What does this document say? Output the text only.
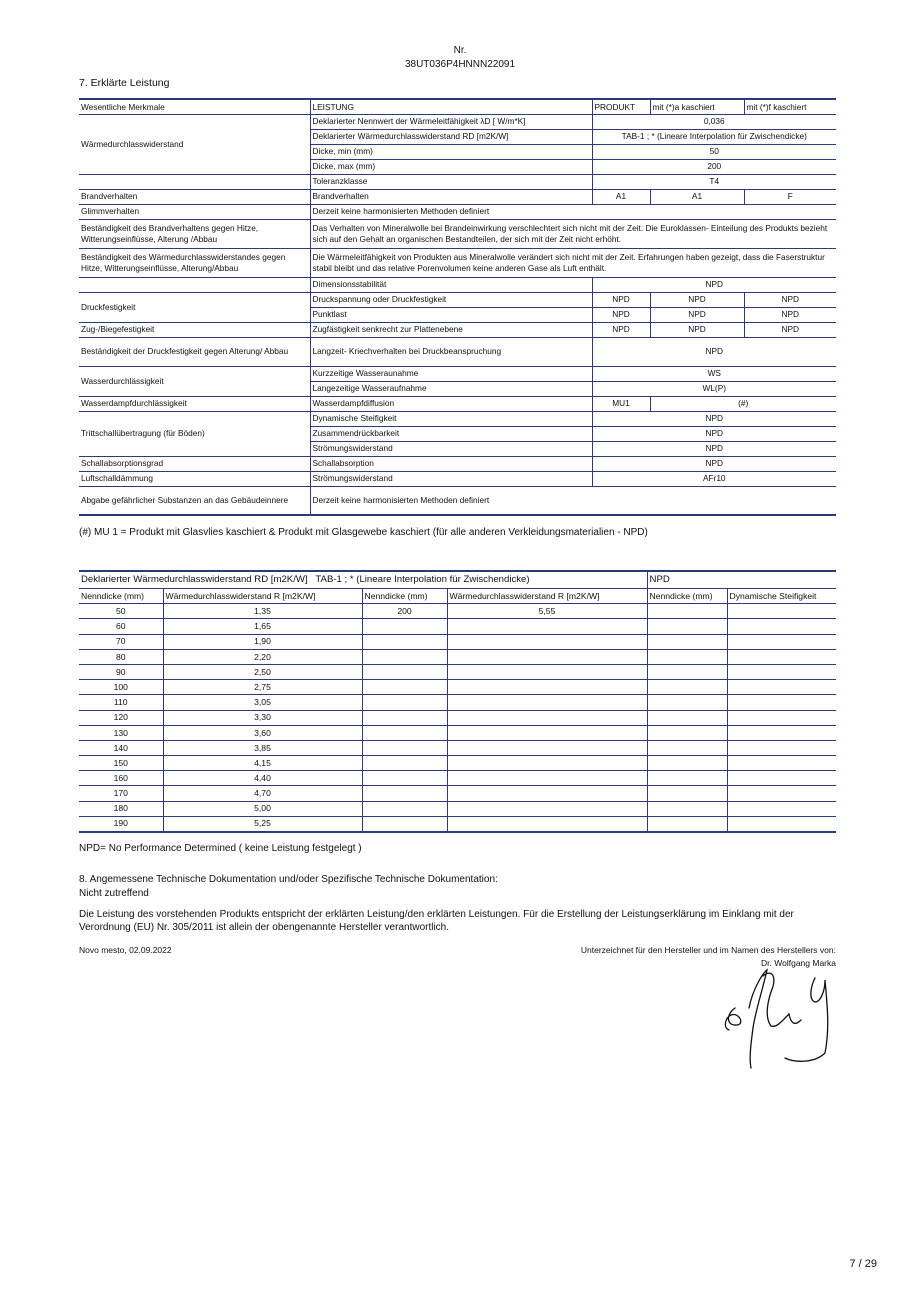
Nr.
38UT036P4HNNN22091
7. Erklärte Leistung
Wesentliche Merkmale	LEISTUNG	PRODUKT	mit (*)a kaschiert	mit (*)f kaschiert
Wärmedurchlasswiderstand	Deklarierter Nennwert der Wärmeleitfähigkeit λD [ W/m*K]	0,036		
	Deklarierter Wärmedurchlasswiderstand RD [m2K/W]	TAB-1 ; * (Lineare Interpolation für Zwischendicke)		
	Dicke, min (mm)	50		
	Dicke, max (mm)	200		
	Toleranzklasse	T4		
Brandverhalten	Brandverhalten	A1	A1	F
Glimmverhalten	Derzeit keine harmonisierten Methoden definiert			
Beständigkeit des Brandverhaltens gegen Hitze, Witterungseinflüsse, Alterung /Abbau	Das Verhalten von Mineralwolle bei Brandeinwirkung verschlechtert sich nicht mit der Zeit. Die Euroklassen- Einteilung des Produkts bezieht sich auf den Gehalt an organischen Bestandteilen, der sich mit der Zeit nicht erhöht.			
Beständigkeit des Wärmedurchlasswiderstandes gegen Hitze, Witterungseinflüsse, Alterung/Abbau	Die Wärmeleitfähigkeit von Produkten aus Mineralwolle verändert sich nicht mit der Zeit. Erfahrungen haben gezeigt, dass die Faserstruktur stabil bleibt und das relative Porenvolumen keine anderen Gase als Luft enthält.			
	Dimensionsstabilität	NPD		
Druckfestigkeit	Druckspannung oder Druckfestigkeit	NPD	NPD	NPD
	Punktlast	NPD	NPD	NPD
Zug-/Biegefestigkeit	Zugfästigkeit senkrecht zur Plattenebene	NPD	NPD	NPD
Beständigkeit der Druckfestigkeit gegen Alterung/ Abbau	Langzeit- Kriechverhalten bei Druckbeanspruchung	NPD		
Wasserdurchlässigkeit	Kurzzeitige Wasseraunahme	WS		
	Langezeitige Wasseraufnahme	WL(P)		
Wasserdampfdurchlässigkeit	Wasserdampfdiffusion	MU1	(#)	
Trittschallübertragung (für Böden)	Dynamische Steifigkeit	NPD		
	Zusammendrückbarkeit	NPD		
	Strömungswiderstand	NPD		
Schallabsorptionsgrad	Schallabsorption	NPD		
Luftschalldämmung	Strömungswiderstand	AFr10		
Abgabe gefährlicher Substanzen an das Gebäudeinnere	Derzeit keine harmonisierten Methoden definiert			
(#) MU 1 = Produkt mit Glasvlies kaschiert & Produkt mit Glasgewebe kaschiert (für alle anderen Verkleidungsmaterialien - NPD)
Deklarierter Wärmedurchlasswiderstand RD [m2K/W]   TAB-1 ; * (Lineare Interpolation für Zwischendicke)				NPD	
Nenndicke (mm)	Wärmedurchlasswiderstand R [m2K/W]	Nenndicke (mm)	Wärmedurchlasswiderstand R [m2K/W]	Nenndicke (mm)	Dynamische Steifigkeit
50	1,35	200	5,55		
60	1,65				
70	1,90				
80	2,20				
90	2,50				
100	2,75				
110	3,05				
120	3,30				
130	3,60				
140	3,85				
150	4,15				
160	4,40				
170	4,70				
180	5,00				
190	5,25				
NPD= No Performance Determined ( keine Leistung festgelegt )
8. Angemessene Technische Dokumentation und/oder Spezifische Technische Dokumentation:
Nicht zutreffend
Die Leistung des vorstehenden Produkts entspricht der erklärten Leistung/den erklärten Leistungen. Für die Erstellung der Leistungserklärung im Einklang mit der Verordnung (EU) Nr. 305/2011 ist allein der obengenannte Hersteller verantwortlich.
Novo mesto, 02.09.2022	Unterzeichnet für den Hersteller und im Namen des Herstellers von:
Dr. Wolfgang Marka
7 / 29
